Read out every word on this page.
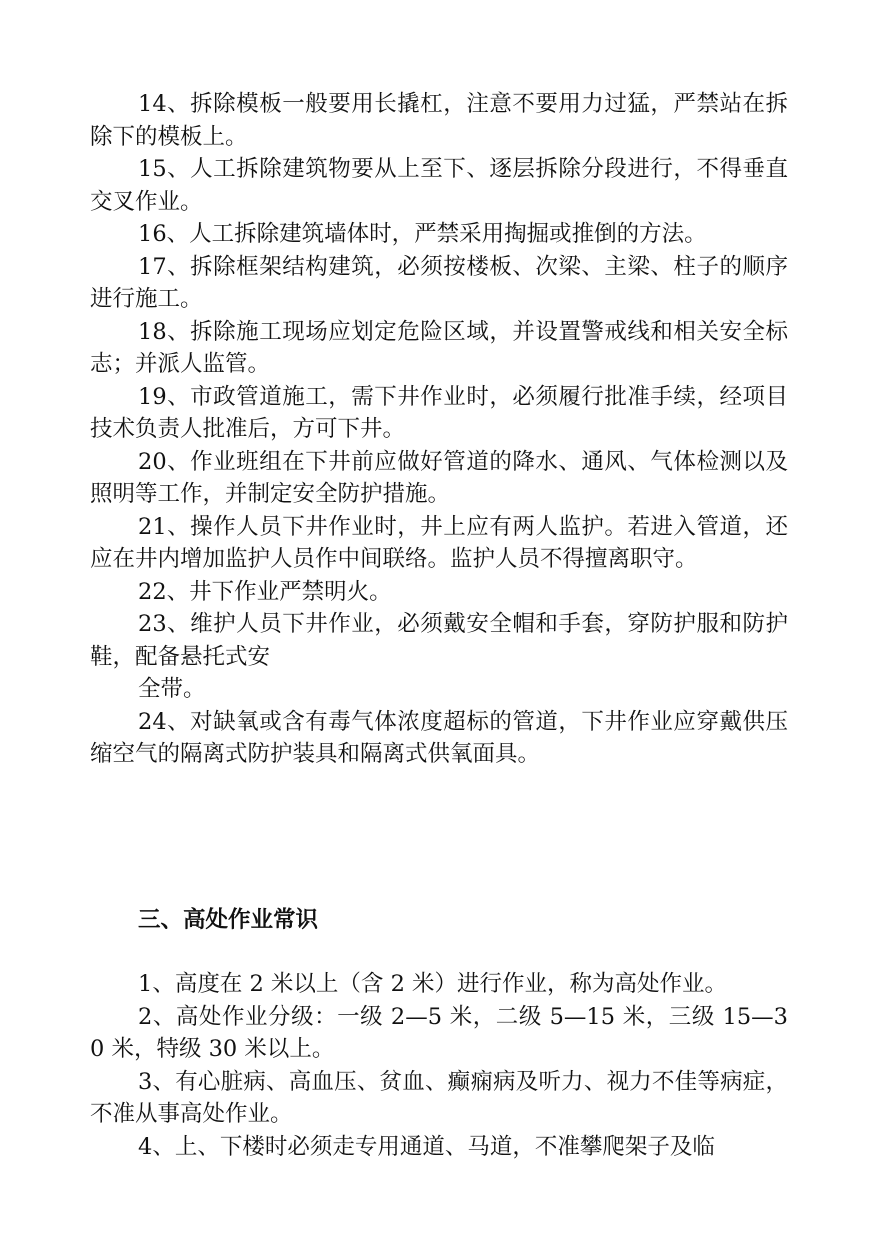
14、拆除模板一般要用长撬杠，注意不要用力过猛，严禁站在拆除下的模板上。

15、人工拆除建筑物要从上至下、逐层拆除分段进行，不得垂直交叉作业。

16、人工拆除建筑墙体时，严禁采用掏掘或推倒的方法。

17、拆除框架结构建筑，必须按楼板、次梁、主梁、柱子的顺序进行施工。

18、拆除施工现场应划定危险区域，并设置警戒线和相关安全标志；并派人监管。

19、市政管道施工，需下井作业时，必须履行批准手续，经项目技术负责人批准后，方可下井。

20、作业班组在下井前应做好管道的降水、通风、气体检测以及照明等工作，并制定安全防护措施。

21、操作人员下井作业时，井上应有两人监护。若进入管道，还应在井内增加监护人员作中间联络。监护人员不得擅离职守。

22、井下作业严禁明火。

23、维护人员下井作业，必须戴安全帽和手套，穿防护服和防护鞋，配备悬托式安

全带。

24、对缺氧或含有毒气体浓度超标的管道，下井作业应穿戴供压缩空气的隔离式防护装具和隔离式供氧面具。

三、高处作业常识

1、高度在 2 米以上（含 2 米）进行作业，称为高处作业。

2、高处作业分级：一级 2—5 米，二级 5—15 米，三级 15—30 米，特级 30 米以上。

3、有心脏病、高血压、贫血、癫痫病及听力、视力不佳等病症，不准从事高处作业。

4、上、下楼时必须走专用通道、马道，不准攀爬架子及临
